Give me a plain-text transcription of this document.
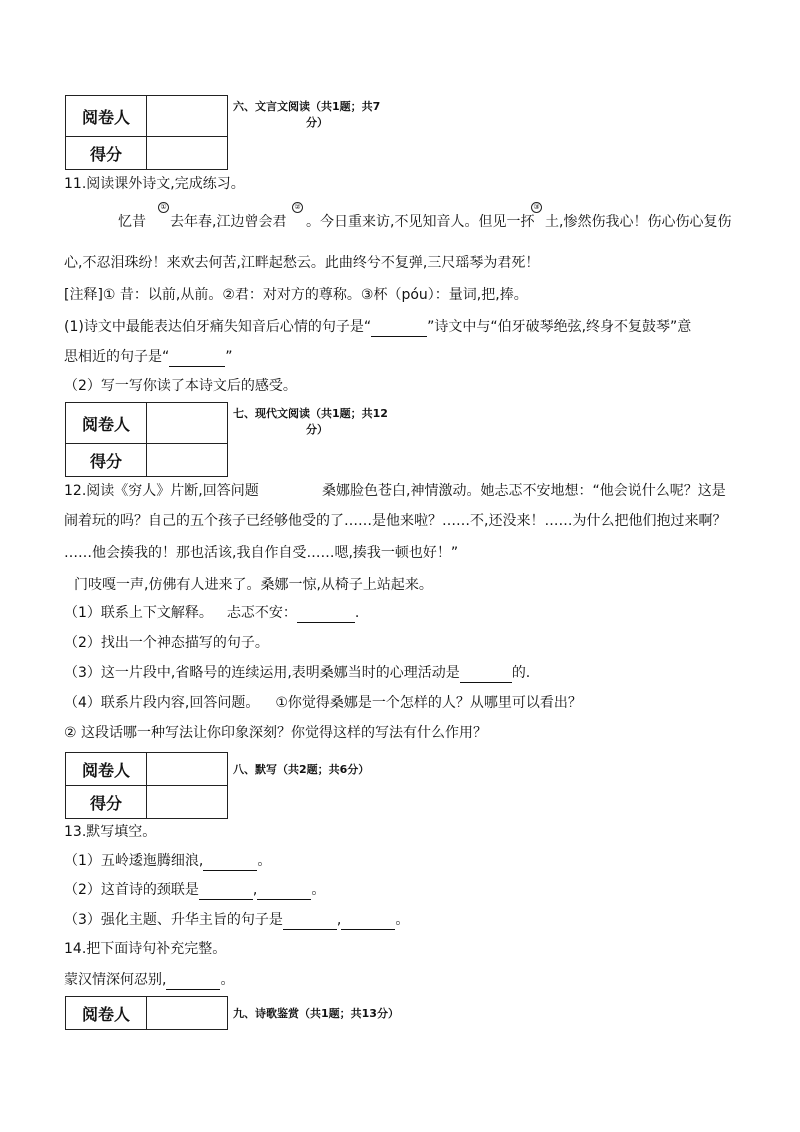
阅卷人	
得分	
六、文言文阅读（共1题；共7
分）
11.阅读课外诗文,完成练习。
①	②	③
忆昔 去年春,江边曾会君 。今日重来访,不见知音人。但见一抔 土,惨然伤我心！伤心伤心复伤
心,不忍泪珠纷！来欢去何苦,江畔起愁云。此曲终兮不复弹,三尺瑶琴为君死！
[注释]① 昔：以前,从前。②君：对对方的尊称。③杯（póu）：量词,把,捧。
(1)诗文中最能表达伯牙痛失知音后心情的句子是“	”诗文中与“伯牙破琴绝弦,终身不复鼓琴”意
思相近的句子是“	”
（2）写一写你读了本诗文后的感受。
阅卷人	
得分	
七、现代文阅读（共1题；共12
分）
12.阅读《穷人》片断,回答问题	桑娜脸色苍白,神情激动。她忐忑不安地想：“他会说什么呢？这是
闹着玩的吗？自己的五个孩子已经够他受的了……是他来啦？……不,还没来！……为什么把他们抱过来啊？
……他会揍我的！那也活该,我自作自受……嗯,揍我一顿也好！”
门吱嘎一声,仿佛有人进来了。桑娜一惊,从椅子上站起来。
（1）联系上下文解释。 忐忑不安：	.
（2）找出一个神态描写的句子。
（3）这一片段中,省略号的连续运用,表明桑娜当时的心理活动是	的.
（4）联系片段内容,回答问题。 ①你觉得桑娜是一个怎样的人？从哪里可以看出？
② 这段话哪一种写法让你印象深刻？你觉得这样的写法有什么作用？
阅卷人	
得分	
八、默写（共2题；共6分）
13.默写填空。
（1）五岭逶迤腾细浪,	。
（2）这首诗的颈联是	,	。
（3）强化主题、升华主旨的句子是	,	。
14.把下面诗句补充完整。
蒙汉情深何忍别,	。
阅卷人		九、诗歌鉴赏（共1题；共13分）
